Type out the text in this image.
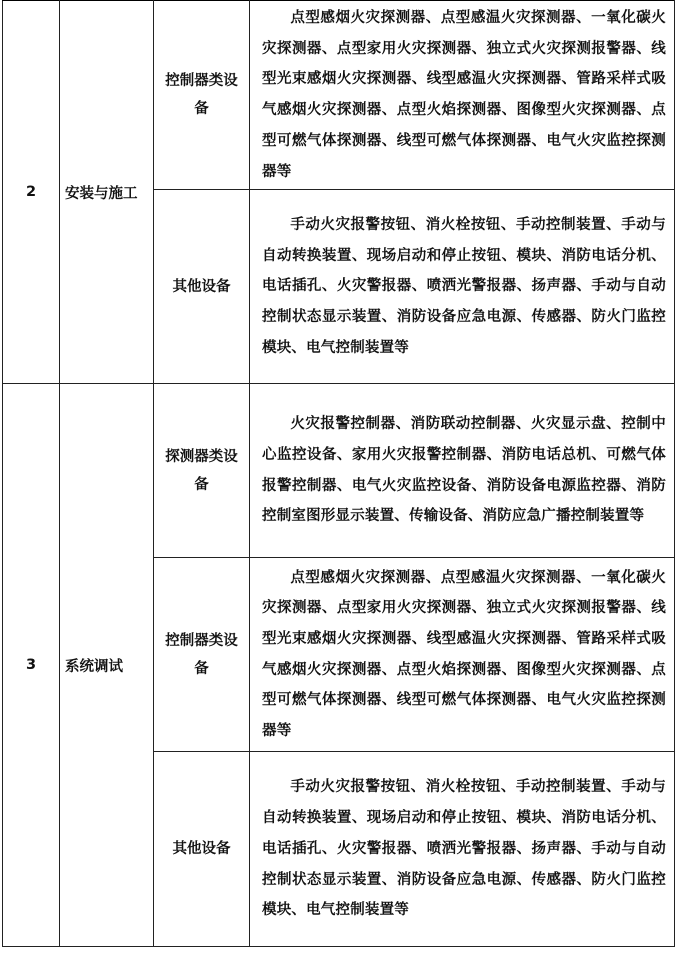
2	安装与施工	控制器类设备	点型感烟火灾探测器、点型感温火灾探测器、一氧化碳火灾探测器、点型家用火灾探测器、独立式火灾探测报警器、线型光束感烟火灾探测器、线型感温火灾探测器、管路采样式吸气感烟火灾探测器、点型火焰探测器、图像型火灾探测器、点型可燃气体探测器、线型可燃气体探测器、电气火灾监控探测器等
		其他设备	手动火灾报警按钮、消火栓按钮、手动控制装置、手动与自动转换装置、现场启动和停止按钮、模块、消防电话分机、电话插孔、火灾警报器、喷洒光警报器、扬声器、手动与自动控制状态显示装置、消防设备应急电源、传感器、防火门监控模块、电气控制装置等
3	系统调试	探测器类设备	火灾报警控制器、消防联动控制器、火灾显示盘、控制中心监控设备、家用火灾报警控制器、消防电话总机、可燃气体报警控制器、电气火灾监控设备、消防设备电源监控器、消防控制室图形显示装置、传输设备、消防应急广播控制装置等
		控制器类设备	点型感烟火灾探测器、点型感温火灾探测器、一氧化碳火灾探测器、点型家用火灾探测器、独立式火灾探测报警器、线型光束感烟火灾探测器、线型感温火灾探测器、管路采样式吸气感烟火灾探测器、点型火焰探测器、图像型火灾探测器、点型可燃气体探测器、线型可燃气体探测器、电气火灾监控探测器等
		其他设备	手动火灾报警按钮、消火栓按钮、手动控制装置、手动与自动转换装置、现场启动和停止按钮、模块、消防电话分机、电话插孔、火灾警报器、喷洒光警报器、扬声器、手动与自动控制状态显示装置、消防设备应急电源、传感器、防火门监控模块、电气控制装置等
